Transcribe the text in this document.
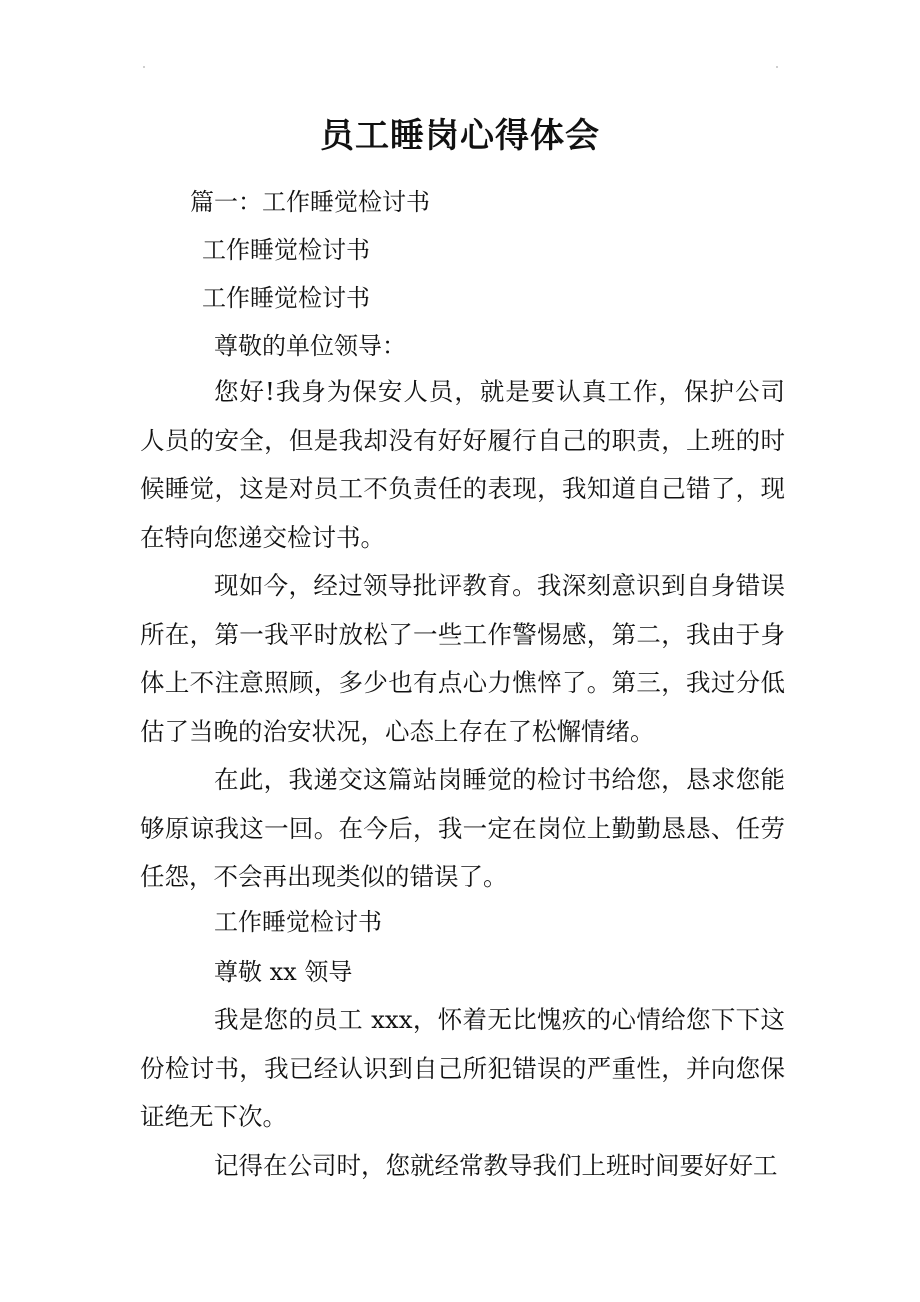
员工睡岗心得体会
篇一：工作睡觉检讨书
工作睡觉检讨书
工作睡觉检讨书
尊敬的单位领导：
您好!我身为保安人员，就是要认真工作，保护公司人员的安全，但是我却没有好好履行自己的职责，上班的时候睡觉，这是对员工不负责任的表现，我知道自己错了，现在特向您递交检讨书。
现如今，经过领导批评教育。我深刻意识到自身错误所在，第一我平时放松了一些工作警惕感，第二，我由于身体上不注意照顾，多少也有点心力憔悴了。第三，我过分低估了当晚的治安状况，心态上存在了松懈情绪。
在此，我递交这篇站岗睡觉的检讨书给您，恳求您能够原谅我这一回。在今后，我一定在岗位上勤勤恳恳、任劳任怨，不会再出现类似的错误了。
工作睡觉检讨书
尊敬 xx 领导
我是您的员工 xxx，怀着无比愧疚的心情给您下下这份检讨书，我已经认识到自己所犯错误的严重性，并向您保证绝无下次。
记得在公司时，您就经常教导我们上班时间要好好工
